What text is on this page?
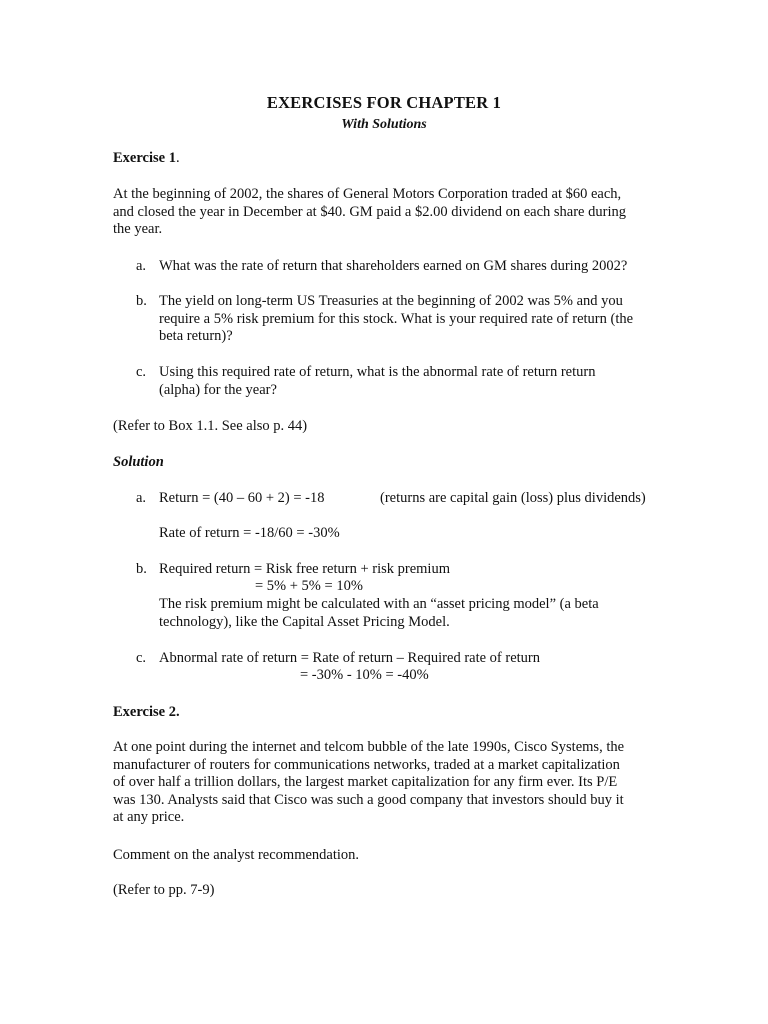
EXERCISES FOR CHAPTER 1
With Solutions
Exercise 1.
At the beginning of 2002, the shares of General Motors Corporation traded at $60 each,
and closed the year in December at $40. GM paid a $2.00 dividend on each share during
the year.
a. What was the rate of return that shareholders earned on GM shares during 2002?
b. The yield on long-term US Treasuries at the beginning of 2002 was 5% and you
require a 5% risk premium for this stock. What is your required rate of return (the
beta return)?
c. Using this required rate of return, what is the abnormal rate of return return
(alpha) for the year?
(Refer to Box 1.1. See also p. 44)
Solution
a. Return = (40 – 60 + 2) = -18	(returns are capital gain (loss) plus dividends)
Rate of return = -18/60 = -30%
b. Required return = Risk free return + risk premium
= 5% + 5% = 10%
The risk premium might be calculated with an “asset pricing model” (a beta
technology), like the Capital Asset Pricing Model.
c. Abnormal rate of return = Rate of return – Required rate of return
= -30% - 10% = -40%
Exercise 2.
At one point during the internet and telcom bubble of the late 1990s, Cisco Systems, the
manufacturer of routers for communications networks, traded at a market capitalization
of over half a trillion dollars, the largest market capitalization for any firm ever. Its P/E
was 130. Analysts said that Cisco was such a good company that investors should buy it
at any price.
Comment on the analyst recommendation.
(Refer to pp. 7-9)
